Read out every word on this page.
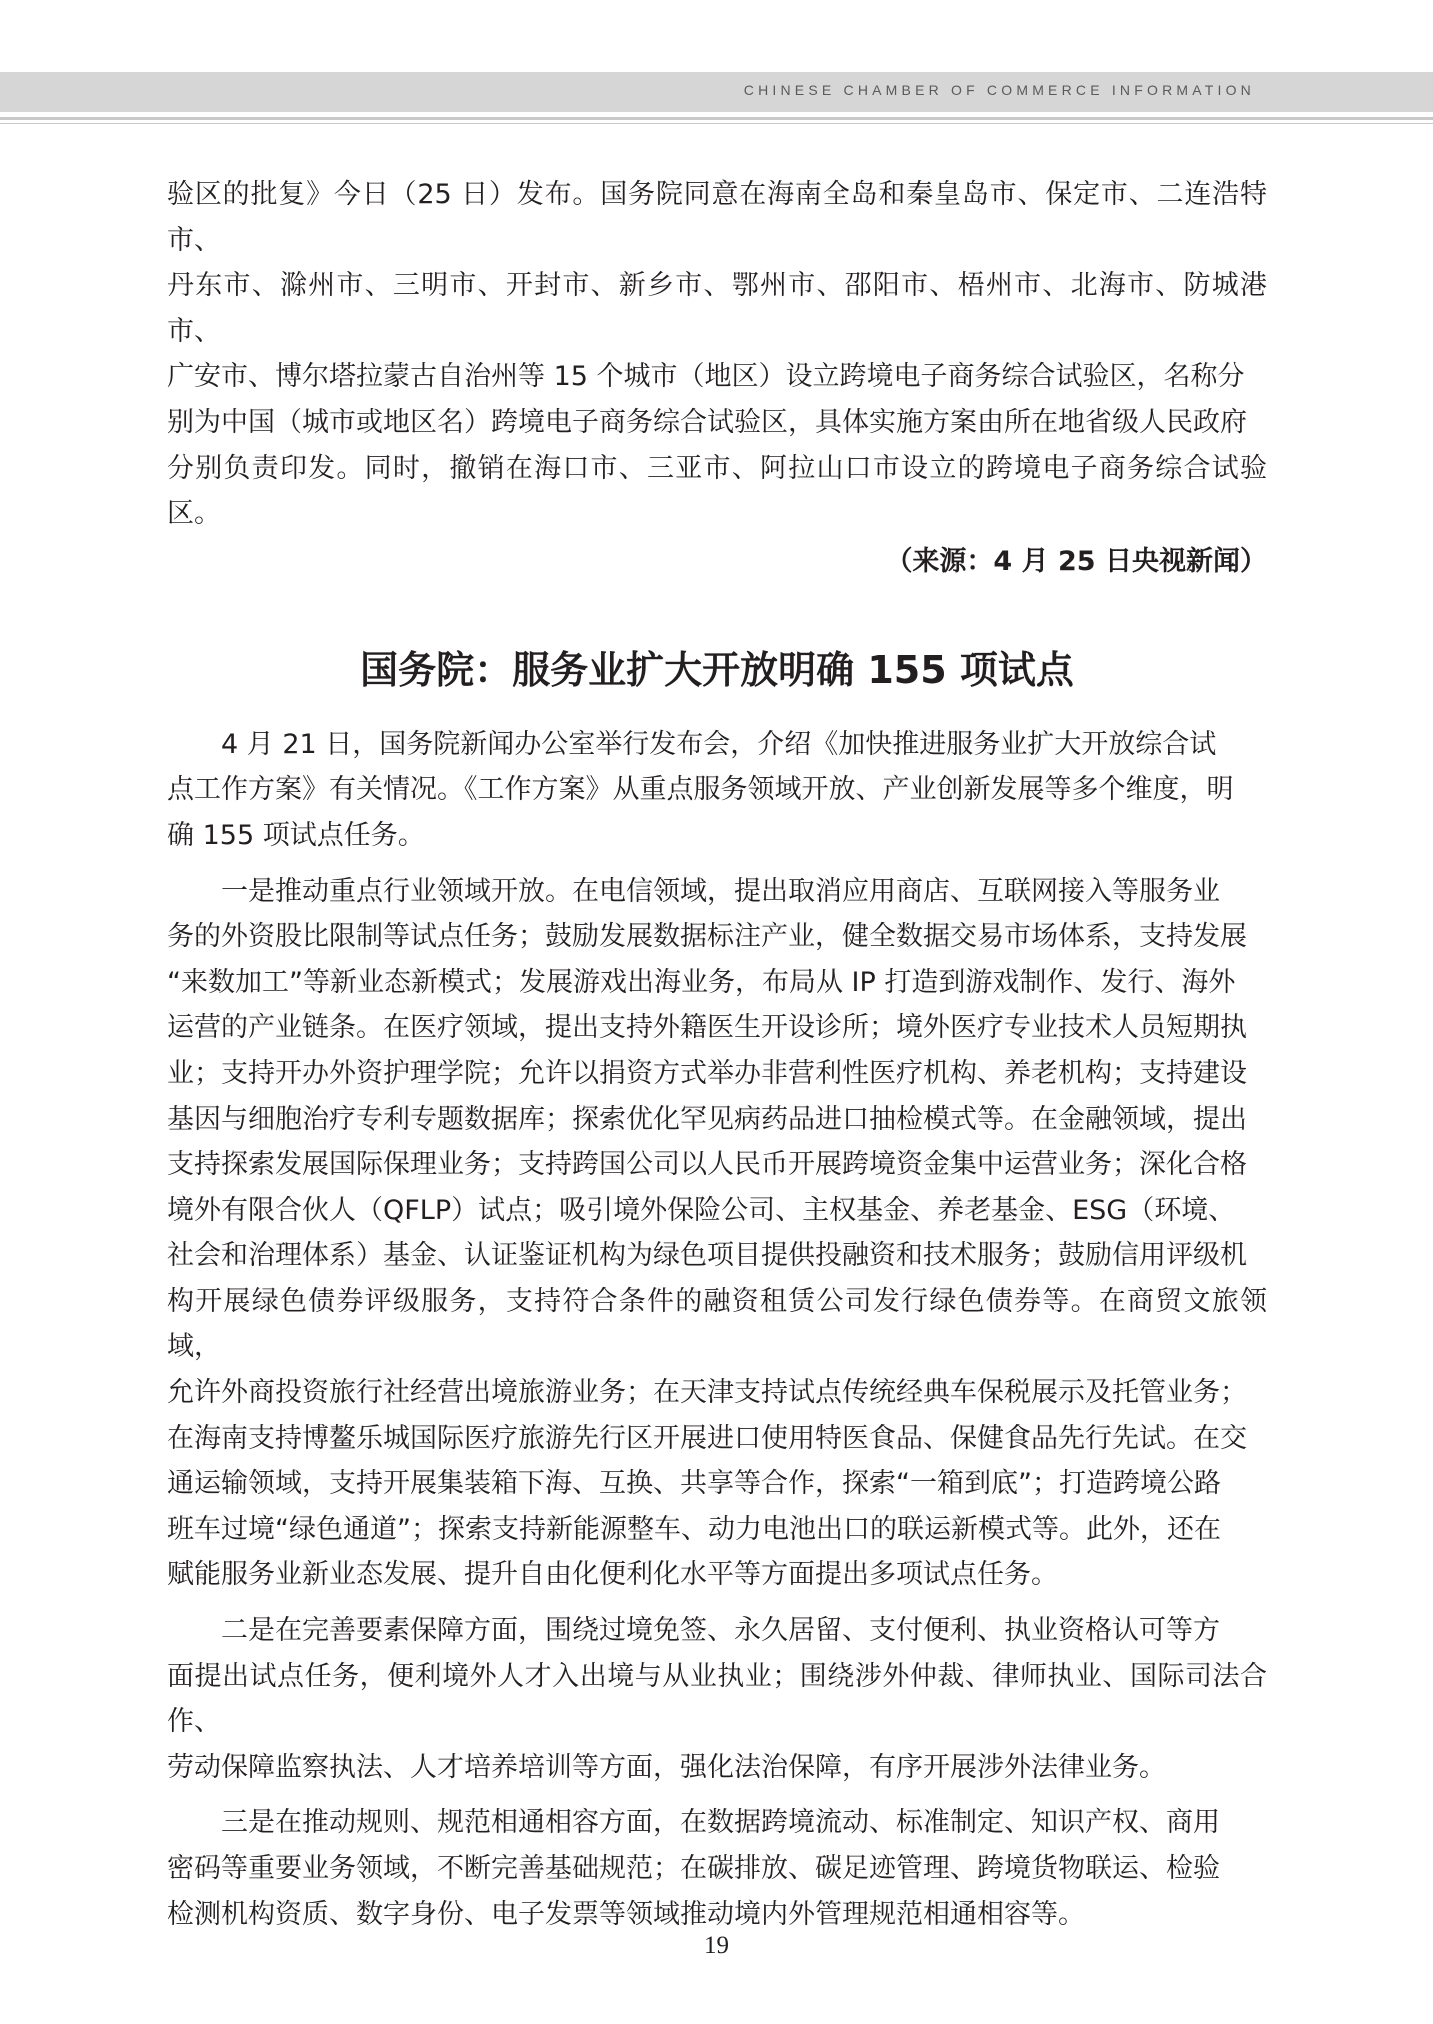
CHINESE CHAMBER OF COMMERCE INFORMATION

验区的批复》今日（25 日）发布。国务院同意在海南全岛和秦皇岛市、保定市、二连浩特市、
丹东市、滁州市、三明市、开封市、新乡市、鄂州市、邵阳市、梧州市、北海市、防城港市、
广安市、博尔塔拉蒙古自治州等 15 个城市（地区）设立跨境电子商务综合试验区，名称分
别为中国（城市或地区名）跨境电子商务综合试验区，具体实施方案由所在地省级人民政府
分别负责印发。同时，撤销在海口市、三亚市、阿拉山口市设立的跨境电子商务综合试验区。

（来源：4 月 25 日央视新闻）

国务院：服务业扩大开放明确 155 项试点

4 月 21 日，国务院新闻办公室举行发布会，介绍《加快推进服务业扩大开放综合试
点工作方案》有关情况。《工作方案》从重点服务领域开放、产业创新发展等多个维度，明
确 155 项试点任务。

一是推动重点行业领域开放。在电信领域，提出取消应用商店、互联网接入等服务业
务的外资股比限制等试点任务；鼓励发展数据标注产业，健全数据交易市场体系，支持发展
“来数加工”等新业态新模式；发展游戏出海业务，布局从 IP 打造到游戏制作、发行、海外
运营的产业链条。在医疗领域，提出支持外籍医生开设诊所；境外医疗专业技术人员短期执
业；支持开办外资护理学院；允许以捐资方式举办非营利性医疗机构、养老机构；支持建设
基因与细胞治疗专利专题数据库；探索优化罕见病药品进口抽检模式等。在金融领域，提出
支持探索发展国际保理业务；支持跨国公司以人民币开展跨境资金集中运营业务；深化合格
境外有限合伙人（QFLP）试点；吸引境外保险公司、主权基金、养老基金、ESG（环境、
社会和治理体系）基金、认证鉴证机构为绿色项目提供投融资和技术服务；鼓励信用评级机
构开展绿色债券评级服务，支持符合条件的融资租赁公司发行绿色债券等。在商贸文旅领域，
允许外商投资旅行社经营出境旅游业务；在天津支持试点传统经典车保税展示及托管业务；
在海南支持博鳌乐城国际医疗旅游先行区开展进口使用特医食品、保健食品先行先试。在交
通运输领域，支持开展集装箱下海、互换、共享等合作，探索“一箱到底”；打造跨境公路
班车过境“绿色通道”；探索支持新能源整车、动力电池出口的联运新模式等。此外，还在
赋能服务业新业态发展、提升自由化便利化水平等方面提出多项试点任务。

二是在完善要素保障方面，围绕过境免签、永久居留、支付便利、执业资格认可等方
面提出试点任务，便利境外人才入出境与从业执业；围绕涉外仲裁、律师执业、国际司法合作、
劳动保障监察执法、人才培养培训等方面，强化法治保障，有序开展涉外法律业务。

三是在推动规则、规范相通相容方面，在数据跨境流动、标准制定、知识产权、商用
密码等重要业务领域，不断完善基础规范；在碳排放、碳足迹管理、跨境货物联运、检验
检测机构资质、数字身份、电子发票等领域推动境内外管理规范相通相容等。

19
